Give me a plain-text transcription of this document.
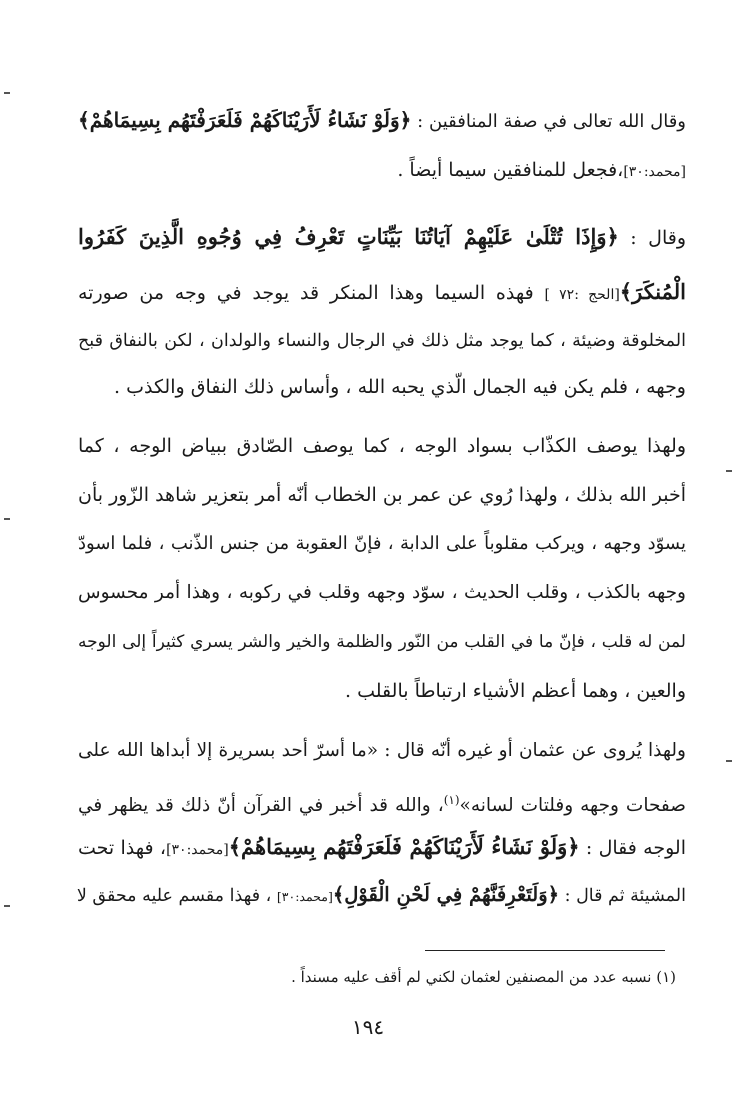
وقال الله تعالى في صفة المنافقين : ﴿وَلَوْ نَشَاءُ لَأَرَيْنَاكَهُمْ فَلَعَرَفْتَهُم بِسِيمَاهُمْ﴾
[محمد:٣٠]،فجعل للمنافقين سيما أيضاً .
وقال : ﴿وَإِذَا تُتْلَىٰ عَلَيْهِمْ آيَاتُنَا بَيِّنَاتٍ تَعْرِفُ فِي وُجُوهِ الَّذِينَ كَفَرُوا
الْمُنكَرَ﴾[الحج :٧٢ ] فهذه السيما وهذا المنكر قد يوجد في وجه من صورته
المخلوقة وضيئة ، كما يوجد مثل ذلك في الرجال والنساء والولدان ، لكن بالنفاق قبح
وجهه ، فلم يكن فيه الجمال الّذي يحبه الله ، وأساس ذلك النفاق والكذب .
ولهذا يوصف الكذّاب بسواد الوجه ، كما يوصف الصّادق ببياض الوجه ، كما
أخبر الله بذلك ، ولهذا رُوي عن عمر بن الخطاب أنّه أمر بتعزير شاهد الزّور بأن
يسوّد وجهه ، ويركب مقلوباً على الدابة ، فإنّ العقوبة من جنس الذّنب ، فلما اسودّ
وجهه بالكذب ، وقلب الحديث ، سوّد وجهه وقلب في ركوبه ، وهذا أمر محسوس
لمن له قلب ، فإنّ ما في القلب من النّور والظلمة والخير والشر يسري كثيراً إلى الوجه
والعين ، وهما أعظم الأشياء ارتباطاً بالقلب .
ولهذا يُروى عن عثمان أو غيره أنّه قال : «ما أسرّ أحد بسريرة إلا أبداها الله على
صفحات وجهه وفلتات لسانه»$^{(١)}$، والله قد أخبر في القرآن أنّ ذلك قد يظهر في
الوجه فقال : ﴿وَلَوْ نَشَاءُ لَأَرَيْنَاكَهُمْ فَلَعَرَفْتَهُم بِسِيمَاهُمْ﴾[محمد:٣٠]، فهذا تحت
المشيئة ثم قال : ﴿وَلَتَعْرِفَنَّهُمْ فِي لَحْنِ الْقَوْلِ﴾[محمد:٣٠] ، فهذا مقسم عليه محقق لا
(١) نسبه عدد من المصنفين لعثمان لكني لم أقف عليه مسنداً .
١٩٤
